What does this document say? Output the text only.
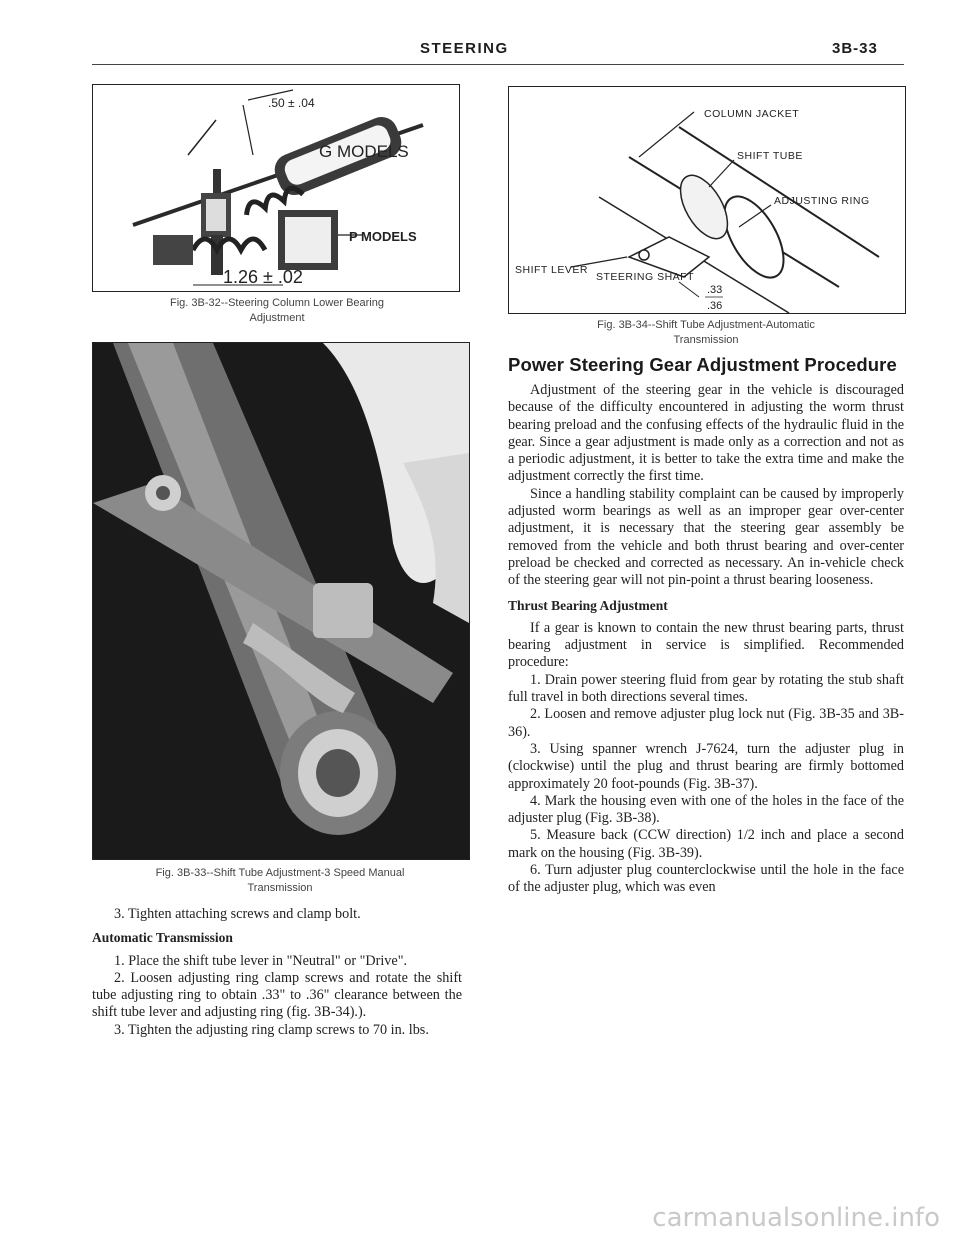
STEERING	3B-33
.50 ± .04
G MODELS
P MODELS
1.26 ± .02
Fig. 3B-32--Steering Column Lower Bearing
Adjustment
Fig. 3B-33--Shift Tube Adjustment-3 Speed Manual
Transmission

3. Tighten attaching screws and clamp bolt.

Automatic Transmission

1. Place the shift tube lever in "Neutral" or "Drive".

2. Loosen adjusting ring clamp screws and rotate the shift tube adjusting ring to obtain .33" to .36" clearance between the shift tube lever and adjusting ring (fig. 3B-34).).

3. Tighten the adjusting ring clamp screws to 70 in. lbs.

COLUMN JACKET
SHIFT TUBE
ADJUSTING RING
SHIFT LEVER
.33
.36
STEERING SHAFT
Fig. 3B-34--Shift Tube Adjustment-Automatic
Transmission
Power Steering Gear Adjustment Procedure

Adjustment of the steering gear in the vehicle is discouraged because of the difficulty encountered in adjusting the worm thrust bearing preload and the confusing effects of the hydraulic fluid in the gear. Since a gear adjustment is made only as a correction and not as a periodic adjustment, it is better to take the extra time and make the adjustment correctly the first time.

Since a handling stability complaint can be caused by improperly adjusted worm bearings as well as an improper gear over-center adjustment, it is necessary that the steering gear assembly be removed from the vehicle and both thrust bearing and over-center preload be checked and corrected as necessary. An in-vehicle check of the steering gear will not pin-point a thrust bearing looseness.

Thrust Bearing Adjustment

If a gear is known to contain the new thrust bearing parts, thrust bearing adjustment in service is simplified. Recommended procedure:

1. Drain power steering fluid from gear by rotating the stub shaft full travel in both directions several times.

2. Loosen and remove adjuster plug lock nut (Fig. 3B-35 and 3B-36).

3. Using spanner wrench J-7624, turn the adjuster plug in (clockwise) until the plug and thrust bearing are firmly bottomed approximately 20 foot-pounds (Fig. 3B-37).

4. Mark the housing even with one of the holes in the face of the adjuster plug (Fig. 3B-38).

5. Measure back (CCW direction) 1/2 inch and place a second mark on the housing (Fig. 3B-39).

6. Turn adjuster plug counterclockwise until the hole in the face of the adjuster plug, which was even

carmanualsonline.info
